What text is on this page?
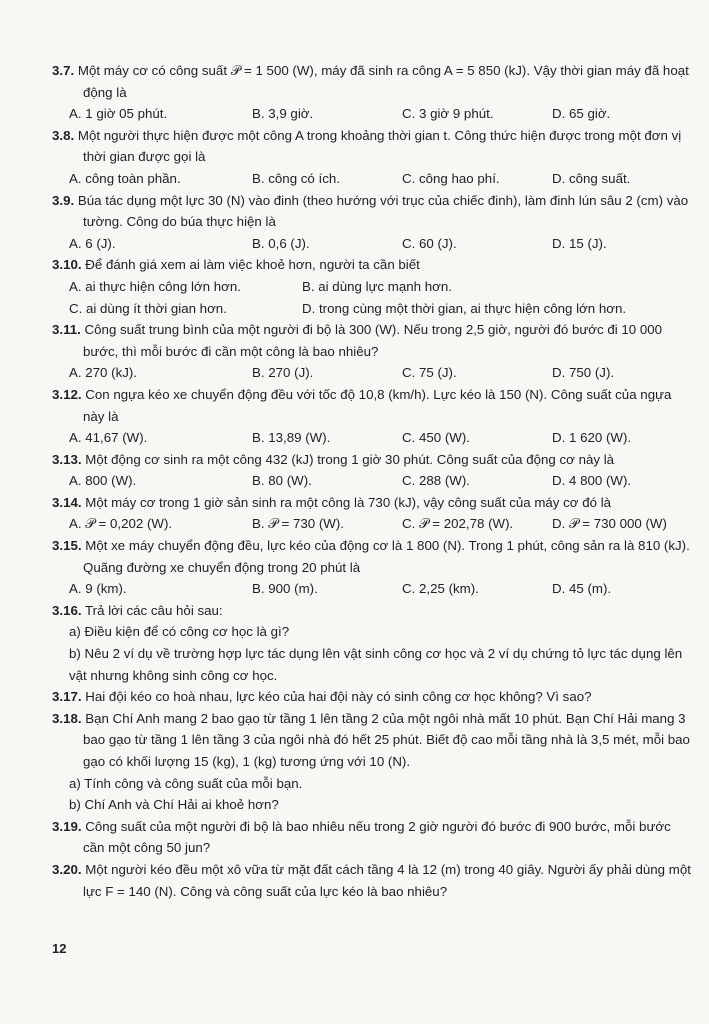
3.7. Một máy cơ có công suất 𝒫 = 1 500 (W), máy đã sinh ra công A = 5 850 (kJ). Vậy thời gian máy đã hoạt động là
A. 1 giờ 05 phút.	B. 3,9 giờ.	C. 3 giờ 9 phút.	D. 65 giờ.
3.8. Một người thực hiện được một công A trong khoảng thời gian t. Công thức hiện được trong một đơn vị thời gian được gọi là
A. công toàn phần.	B. công có ích.	C. công hao phí.	D. công suất.
3.9. Búa tác dụng một lực 30 (N) vào đinh (theo hướng với trục của chiếc đinh), làm đinh lún sâu 2 (cm) vào tường. Công do búa thực hiện là
A. 6 (J).	B. 0,6 (J).	C. 60 (J).	D. 15 (J).
3.10. Để đánh giá xem ai làm việc khoẻ hơn, người ta cần biết
A. ai thực hiện công lớn hơn.	B. ai dùng lực mạnh hơn.
C. ai dùng ít thời gian hơn.	D. trong cùng một thời gian, ai thực hiện công lớn hơn.
3.11. Công suất trung bình của một người đi bộ là 300 (W). Nếu trong 2,5 giờ, người đó bước đi 10 000 bước, thì mỗi bước đi cần một công là bao nhiêu?
A. 270 (kJ).	B. 270 (J).	C. 75 (J).	D. 750 (J).
3.12. Con ngựa kéo xe chuyển động đều với tốc độ 10,8 (km/h). Lực kéo là 150 (N). Công suất của ngựa này là
A. 41,67 (W).	B. 13,89 (W).	C. 450 (W).	D. 1 620 (W).
3.13. Một động cơ sinh ra một công 432 (kJ) trong 1 giờ 30 phút. Công suất của động cơ này là
A. 800 (W).	B. 80 (W).	C. 288 (W).	D. 4 800 (W).
3.14. Một máy cơ trong 1 giờ sản sinh ra một công là 730 (kJ), vậy công suất của máy cơ đó là
A. 𝒫 = 0,202 (W).	B. 𝒫 = 730 (W).	C. 𝒫 = 202,78 (W).	D. 𝒫 = 730 000 (W)
3.15. Một xe máy chuyển động đều, lực kéo của động cơ là 1 800 (N). Trong 1 phút, công sản ra là 810 (kJ). Quãng đường xe chuyển động trong 20 phút là
A. 9 (km).	B. 900 (m).	C. 2,25 (km).	D. 45 (m).
3.16. Trả lời các câu hỏi sau:
a) Điều kiện để có công cơ học là gì?
b) Nêu 2 ví dụ về trường hợp lực tác dụng lên vật sinh công cơ học và 2 ví dụ chứng tỏ lực tác dụng lên vật nhưng không sinh công cơ học.
3.17. Hai đội kéo co hoà nhau, lực kéo của hai đội này có sinh công cơ học không? Vì sao?
3.18. Bạn Chí Anh mang 2 bao gạo từ tầng 1 lên tầng 2 của một ngôi nhà mất 10 phút. Bạn Chí Hải mang 3 bao gạo từ tầng 1 lên tầng 3 của ngôi nhà đó hết 25 phút. Biết độ cao mỗi tầng nhà là 3,5 mét, mỗi bao gạo có khối lượng 15 (kg), 1 (kg) tương ứng với 10 (N).
a) Tính công và công suất của mỗi bạn.
b) Chí Anh và Chí Hải ai khoẻ hơn?
3.19. Công suất của một người đi bộ là bao nhiêu nếu trong 2 giờ người đó bước đi 900 bước, mỗi bước cần một công 50 jun?
3.20. Một người kéo đều một xô vữa từ mặt đất cách tầng 4 là 12 (m) trong 40 giây. Người ấy phải dùng một lực F = 140 (N). Công và công suất của lực kéo là bao nhiêu?
12
